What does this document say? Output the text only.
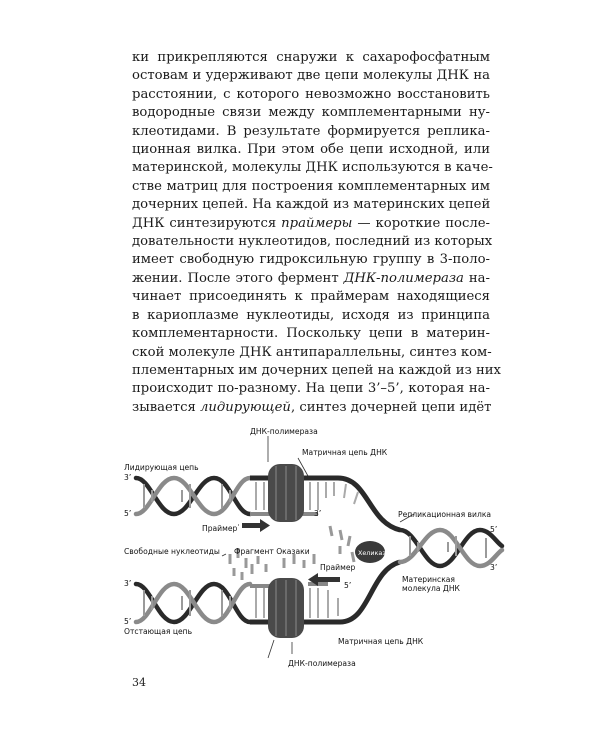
ки прикрепляются снаружи к сахарофосфатным
остовам и удерживают две цепи молекулы ДНК на
расстоянии, с которого невозможно восстановить
водородные связи между комплементарными ну-
клеотидами. В результате формируется реплика-
ционная вилка. При этом обе цепи исходной, или
материнской, молекулы ДНК используются в каче-
стве матриц для построения комплементарных им
дочерних цепей. На каждой из материнских цепей
ДНК синтезируются праймеры — короткие после-
довательности нуклеотидов, последний из которых
имеет свободную гидроксильную группу в 3-поло-
жении. После этого фермент ДНК-полимераза на-
чинает присоединять к праймерам находящиеся
в кариоплазме нуклеотиды, исходя из принципа
комплементарности. Поскольку цепи в материн-
ской молекуле ДНК антипараллельны, синтез ком-
плементарных им дочерних цепей на каждой из них
происходит по-разному. На цепи 3’–5’, которая на-
зывается лидирующей, синтез дочерней цепи идёт
ДНК-полимераза
Матричная цепь ДНК
Лидирующая цепь
3’
5’	3’
Праймер
Репликационная вилка
5’
3’
Свободные нуклеотиды Фрагмент Оказаки	Хеликаза
Праймер
3’
5’
5’
Материнская
молекула ДНК
Отстающая цепь
Матричная цепь ДНК
ДНК-полимераза
34
